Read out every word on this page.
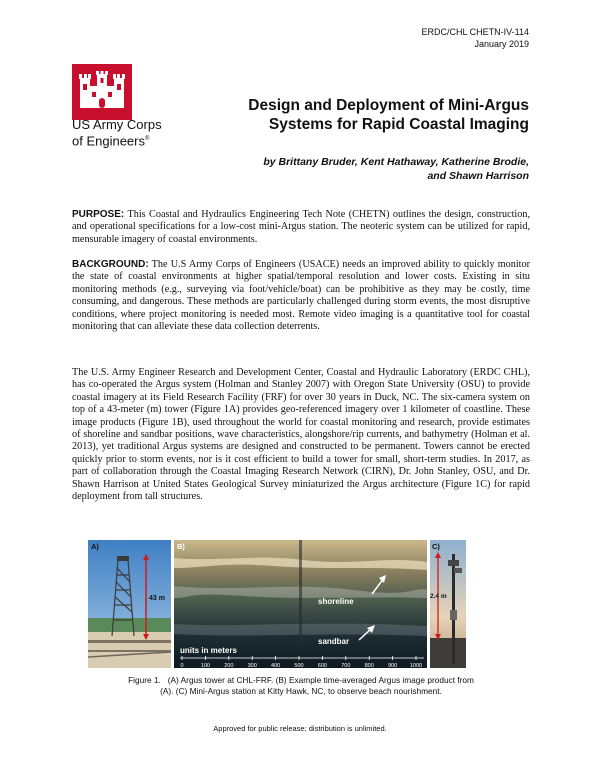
ERDC/CHL CHETN-IV-114
January 2019
US Army Corps
of Engineers®
Design and Deployment of Mini-Argus
Systems for Rapid Coastal Imaging
by Brittany Bruder, Kent Hathaway, Katherine Brodie,
and Shawn Harrison
PURPOSE: This Coastal and Hydraulics Engineering Tech Note (CHETN) outlines the design, construction, and operational specifications for a low-cost mini-Argus station. The neoteric system can be utilized for rapid, mensurable imagery of coastal environments.
BACKGROUND: The U.S Army Corps of Engineers (USACE) needs an improved ability to quickly monitor the state of coastal environments at higher spatial/temporal resolution and lower costs. Existing in situ monitoring methods (e.g., surveying via foot/vehicle/boat) can be prohibitive as they may be costly, time consuming, and dangerous. These methods are particularly challenged during storm events, the most disruptive conditions, where project monitoring is needed most. Remote video imaging is a quantitative tool for coastal monitoring that can alleviate these data collection deterrents.
The U.S. Army Engineer Research and Development Center, Coastal and Hydraulic Laboratory (ERDC CHL), has co-operated the Argus system (Holman and Stanley 2007) with Oregon State University (OSU) to provide coastal imagery at its Field Research Facility (FRF) for over 30 years in Duck, NC. The six-camera system on top of a 43-meter (m) tower (Figure 1A) provides geo-referenced imagery over 1 kilometer of coastline. These image products (Figure 1B), used throughout the world for coastal monitoring and research, provide estimates of shoreline and sandbar positions, wave characteristics, alongshore/rip currents, and bathymetry (Holman et al. 2013), yet traditional Argus systems are designed and constructed to be permanent. Towers cannot be erected quickly prior to storm events, nor is it cost efficient to build a tower for small, short-term studies. In 2017, as part of collaboration through the Coastal Imaging Research Network (CIRN), Dr. John Stanley, OSU, and Dr. Shawn Harrison at United States Geological Survey miniaturized the Argus architecture (Figure 1C) for rapid deployment from tall structures.
A)
43 m	shoreline
sandbar
B)
units in meters
0	100	200	300	400	500	600	700	800	900 1000
C)
2.4 m
Figure 1.   (A) Argus tower at CHL-FRF. (B) Example time-averaged Argus image product from
(A). (C) Mini-Argus station at Kitty Hawk, NC, to observe beach nourishment.
Approved for public release; distribution is unlimited.
